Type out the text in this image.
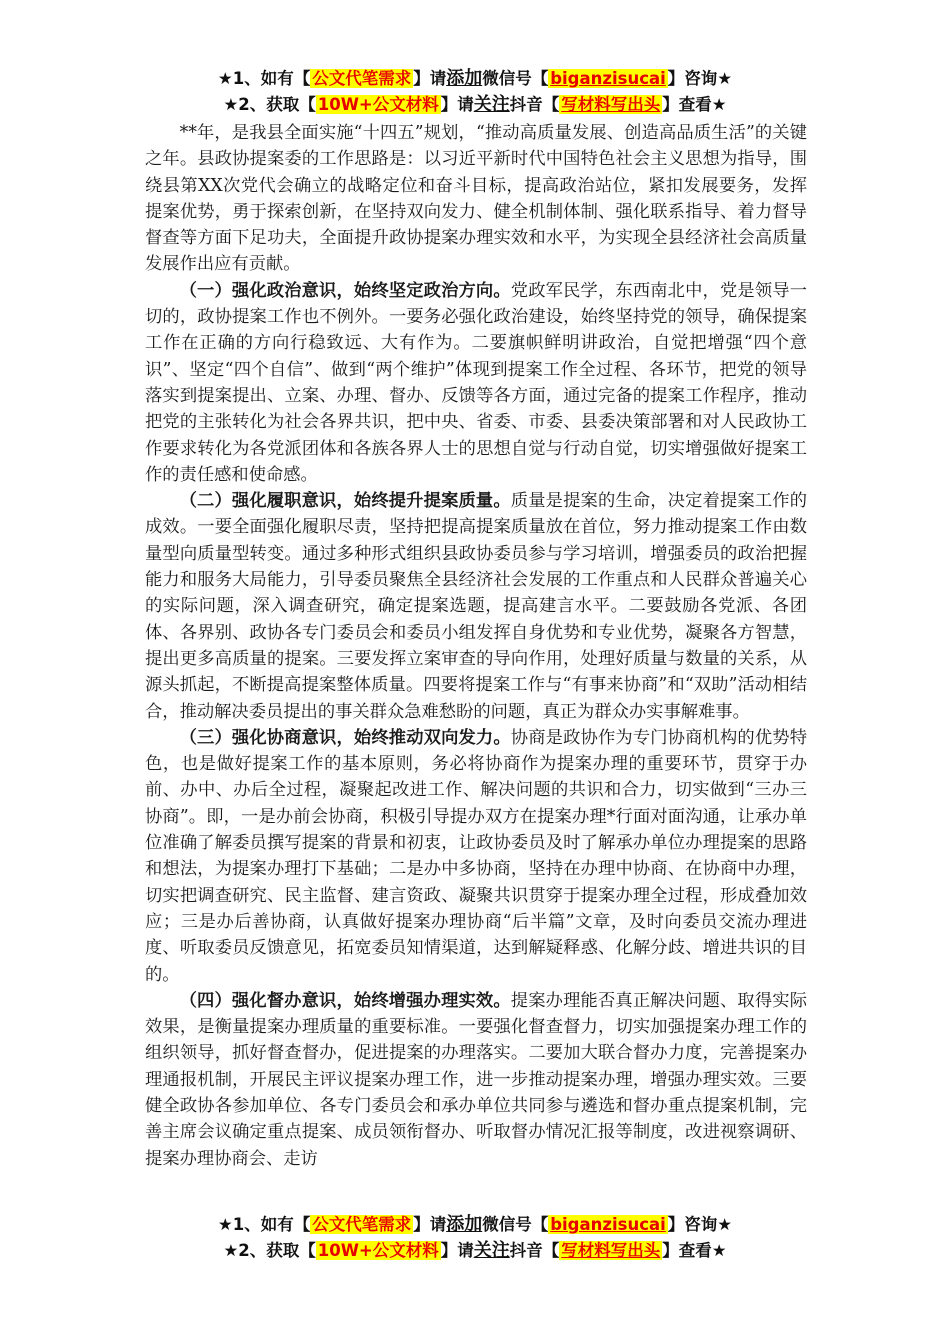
★1、如有【 公文代笔需求 】请添加微信号【 biganzisucai 】咨询★
★2、获取【 10W+公文材料 】请关注抖音【 写材料写出头 】查看★

**年，是我县全面实施“十四五”规划，“推动高质量发展、创造高品质生活”的关键之年。县政协提案委的工作思路是：以习近平新时代中国特色社会主义思想为指导，围绕县第XX次党代会确立的战略定位和奋斗目标，提高政治站位，紧扣发展要务，发挥提案优势，勇于探索创新，在坚持双向发力、健全机制体制、强化联系指导、着力督导督查等方面下足功夫，全面提升政协提案办理实效和水平，为实现全县经济社会高质量发展作出应有贡献。

（一）强化政治意识，始终坚定政治方向。党政军民学，东西南北中，党是领导一切的，政协提案工作也不例外。一要务必强化政治建设，始终坚持党的领导，确保提案工作在正确的方向行稳致远、大有作为。二要旗帜鲜明讲政治，自觉把增强“四个意识”、坚定“四个自信”、做到“两个维护”体现到提案工作全过程、各环节，把党的领导落实到提案提出、立案、办理、督办、反馈等各方面，通过完备的提案工作程序，推动把党的主张转化为社会各界共识，把中央、省委、市委、县委决策部署和对人民政协工作要求转化为各党派团体和各族各界人士的思想自觉与行动自觉，切实增强做好提案工作的责任感和使命感。

（二）强化履职意识，始终提升提案质量。质量是提案的生命，决定着提案工作的成效。一要全面强化履职尽责，坚持把提高提案质量放在首位，努力推动提案工作由数量型向质量型转变。通过多种形式组织县政协委员参与学习培训，增强委员的政治把握能力和服务大局能力，引导委员聚焦全县经济社会发展的工作重点和人民群众普遍关心的实际问题，深入调查研究，确定提案选题，提高建言水平。二要鼓励各党派、各团体、各界别、政协各专门委员会和委员小组发挥自身优势和专业优势，凝聚各方智慧，提出更多高质量的提案。三要发挥立案审查的导向作用，处理好质量与数量的关系，从源头抓起，不断提高提案整体质量。四要将提案工作与“有事来协商”和“双助”活动相结合，推动解决委员提出的事关群众急难愁盼的问题，真正为群众办实事解难事。

（三）强化协商意识，始终推动双向发力。协商是政协作为专门协商机构的优势特色，也是做好提案工作的基本原则，务必将协商作为提案办理的重要环节，贯穿于办前、办中、办后全过程，凝聚起改进工作、解决问题的共识和合力，切实做到“三办三协商”。即，一是办前会协商，积极引导提办双方在提案办理*行面对面沟通，让承办单位准确了解委员撰写提案的背景和初衷，让政协委员及时了解承办单位办理提案的思路和想法，为提案办理打下基础；二是办中多协商，坚持在办理中协商、在协商中办理，切实把调查研究、民主监督、建言资政、凝聚共识贯穿于提案办理全过程，形成叠加效应；三是办后善协商，认真做好提案办理协商“后半篇”文章，及时向委员交流办理进度、听取委员反馈意见，拓宽委员知情渠道，达到解疑释惑、化解分歧、增进共识的目的。

（四）强化督办意识，始终增强办理实效。提案办理能否真正解决问题、取得实际效果，是衡量提案办理质量的重要标准。一要强化督查督力，切实加强提案办理工作的组织领导，抓好督查督办，促进提案的办理落实。二要加大联合督办力度，完善提案办理通报机制，开展民主评议提案办理工作，进一步推动提案办理，增强办理实效。三要健全政协各参加单位、各专门委员会和承办单位共同参与遴选和督办重点提案机制，完善主席会议确定重点提案、成员领衔督办、听取督办情况汇报等制度，改进视察调研、提案办理协商会、走访

★1、如有【 公文代笔需求 】请添加微信号【 biganzisucai 】咨询★
★2、获取【 10W+公文材料 】请关注抖音【 写材料写出头 】查看★
